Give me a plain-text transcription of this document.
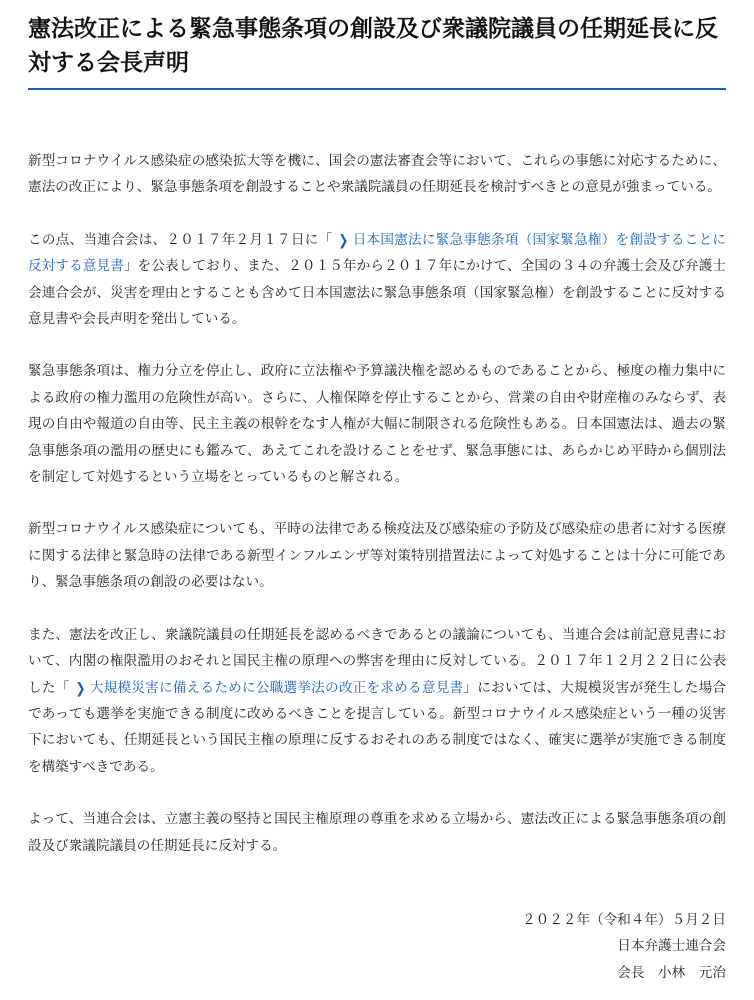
憲法改正による緊急事態条項の創設及び衆議院議員の任期延長に反対する会長声明

新型コロナウイルス感染症の感染拡大等を機に、国会の憲法審査会等において、これらの事態に対応するために、憲法の改正により、緊急事態条項を創設することや衆議院議員の任期延長を検討すべきとの意見が強まっている。

この点、当連合会は、２０１７年２月１７日に「 ❯ 日本国憲法に緊急事態条項（国家緊急権）を創設することに反対する意見書」を公表しており、また、２０１５年から２０１７年にかけて、全国の３４の弁護士会及び弁護士会連合会が、災害を理由とすることも含めて日本国憲法に緊急事態条項（国家緊急権）を創設することに反対する意見書や会長声明を発出している。

緊急事態条項は、権力分立を停止し、政府に立法権や予算議決権を認めるものであることから、極度の権力集中による政府の権力濫用の危険性が高い。さらに、人権保障を停止することから、営業の自由や財産権のみならず、表現の自由や報道の自由等、民主主義の根幹をなす人権が大幅に制限される危険性もある。日本国憲法は、過去の緊急事態条項の濫用の歴史にも鑑みて、あえてこれを設けることをせず、緊急事態には、あらかじめ平時から個別法を制定して対処するという立場をとっているものと解される。

新型コロナウイルス感染症についても、平時の法律である検疫法及び感染症の予防及び感染症の患者に対する医療に関する法律と緊急時の法律である新型インフルエンザ等対策特別措置法によって対処することは十分に可能であり、緊急事態条項の創設の必要はない。

また、憲法を改正し、衆議院議員の任期延長を認めるべきであるとの議論についても、当連合会は前記意見書において、内閣の権限濫用のおそれと国民主権の原理への弊害を理由に反対している。２０１７年１２月２２日に公表した「 ❯ 大規模災害に備えるために公職選挙法の改正を求める意見書」においては、大規模災害が発生した場合であっても選挙を実施できる制度に改めるべきことを提言している。新型コロナウイルス感染症という一種の災害下においても、任期延長という国民主権の原理に反するおそれのある制度ではなく、確実に選挙が実施できる制度を構築すべきである。

よって、当連合会は、立憲主義の堅持と国民主権原理の尊重を求める立場から、憲法改正による緊急事態条項の創設及び衆議院議員の任期延長に反対する。

２０２２年（令和４年）５月２日
日本弁護士連合会
会長　 小林　元治
